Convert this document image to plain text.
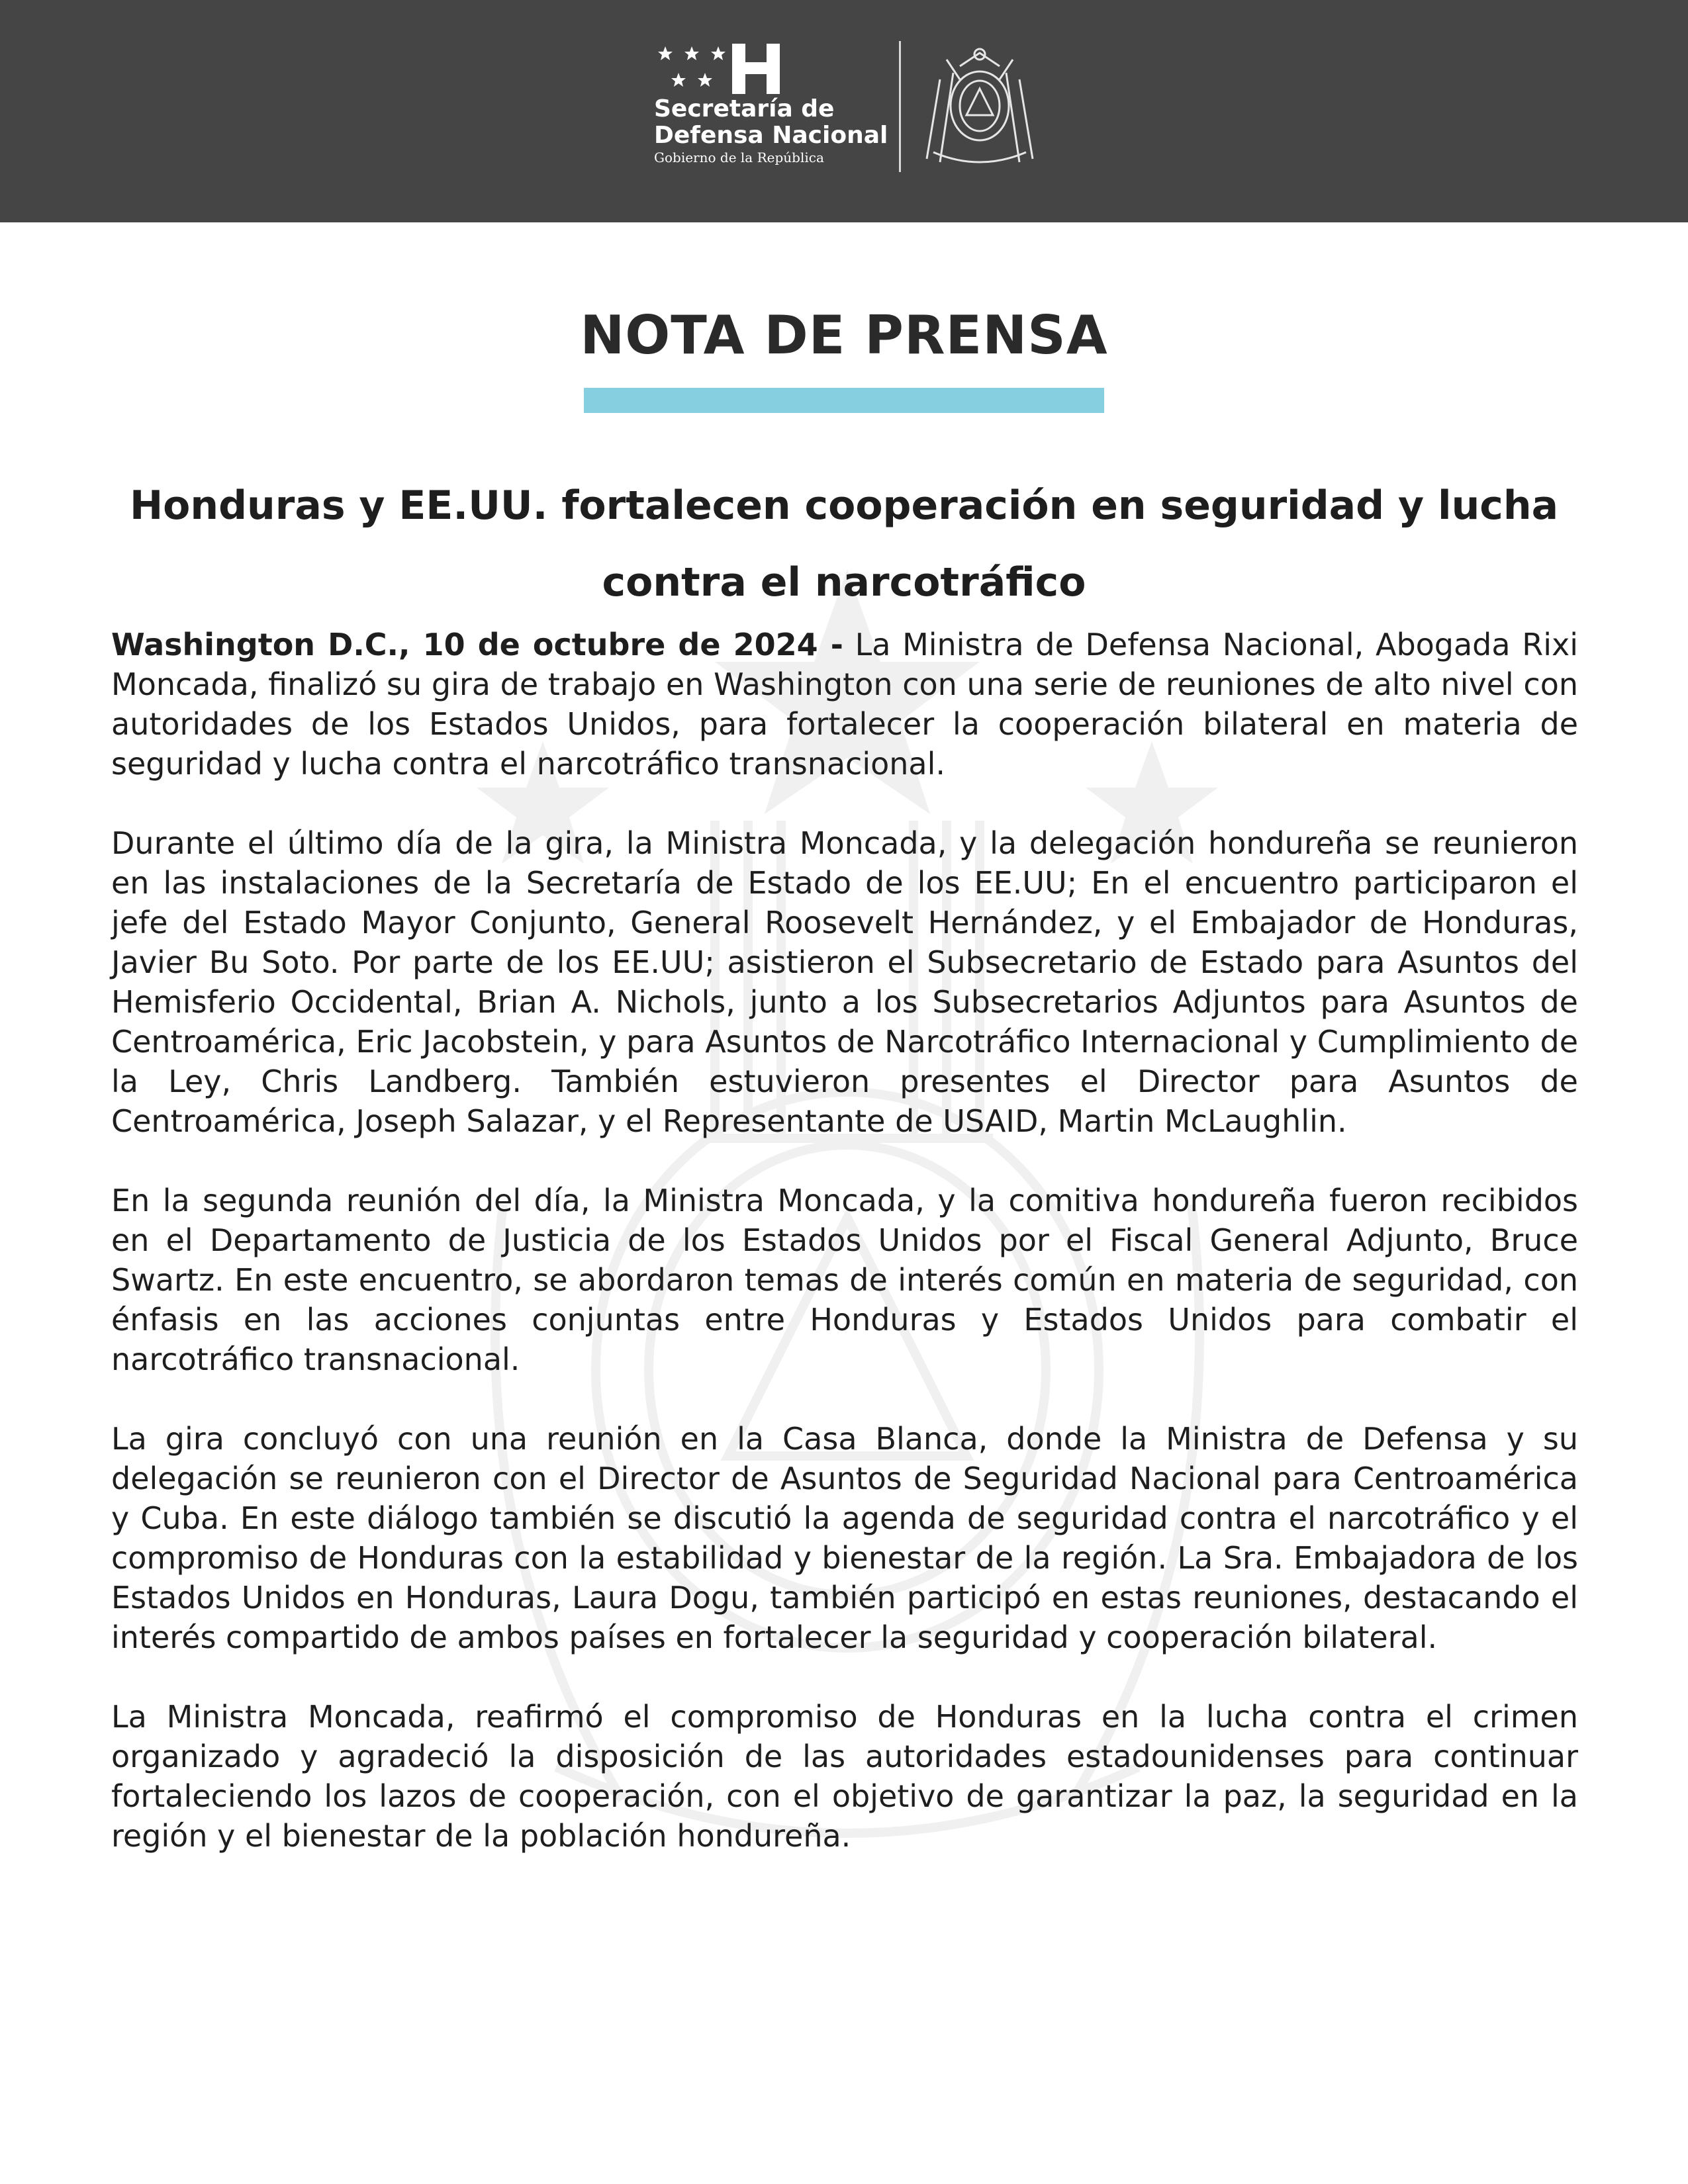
Secretaría de
Defensa Nacional
Gobierno de la República
NOTA DE PRENSA
Honduras y EE.UU. fortalecen cooperación en seguridad y lucha contra el narcotráfico

Washington D.C., 10 de octubre de 2024 - La Ministra de Defensa Nacional, Abogada Rixi Moncada, finalizó su gira de trabajo en Washington con una serie de reuniones de alto nivel con autoridades de los Estados Unidos, para fortalecer la cooperación bilateral en materia de seguridad y lucha contra el narcotráfico transnacional.

Durante el último día de la gira, la Ministra Moncada, y la delegación hondureña se reunieron en las instalaciones de la Secretaría de Estado de los EE.UU; En el encuentro participaron el jefe del Estado Mayor Conjunto, General Roosevelt Hernández, y el Embajador de Honduras, Javier Bu Soto. Por parte de los EE.UU; asistieron el Subsecretario de Estado para Asuntos del Hemisferio Occidental, Brian A. Nichols, junto a los Subsecretarios Adjuntos para Asuntos de Centroamérica, Eric Jacobstein, y para Asuntos de Narcotráfico Internacional y Cumplimiento de la Ley, Chris Landberg. También estuvieron presentes el Director para Asuntos de Centroamérica, Joseph Salazar, y el Representante de USAID, Martin McLaughlin.

En la segunda reunión del día, la Ministra Moncada, y la comitiva hondureña fueron recibidos en el Departamento de Justicia de los Estados Unidos por el Fiscal General Adjunto, Bruce Swartz. En este encuentro, se abordaron temas de interés común en materia de seguridad, con énfasis en las acciones conjuntas entre Honduras y Estados Unidos para combatir el narcotráfico transnacional.

La gira concluyó con una reunión en la Casa Blanca, donde la Ministra de Defensa y su delegación se reunieron con el Director de Asuntos de Seguridad Nacional para Centroamérica y Cuba. En este diálogo también se discutió la agenda de seguridad contra el narcotráfico y el compromiso de Honduras con la estabilidad y bienestar de la región. La Sra. Embajadora de los Estados Unidos en Honduras, Laura Dogu, también participó en estas reuniones, destacando el interés compartido de ambos países en fortalecer la seguridad y cooperación bilateral.

La Ministra Moncada, reafirmó el compromiso de Honduras en la lucha contra el crimen organizado y agradeció la disposición de las autoridades estadounidenses para continuar fortaleciendo los lazos de cooperación, con el objetivo de garantizar la paz, la seguridad en la región y el bienestar de la población hondureña.
